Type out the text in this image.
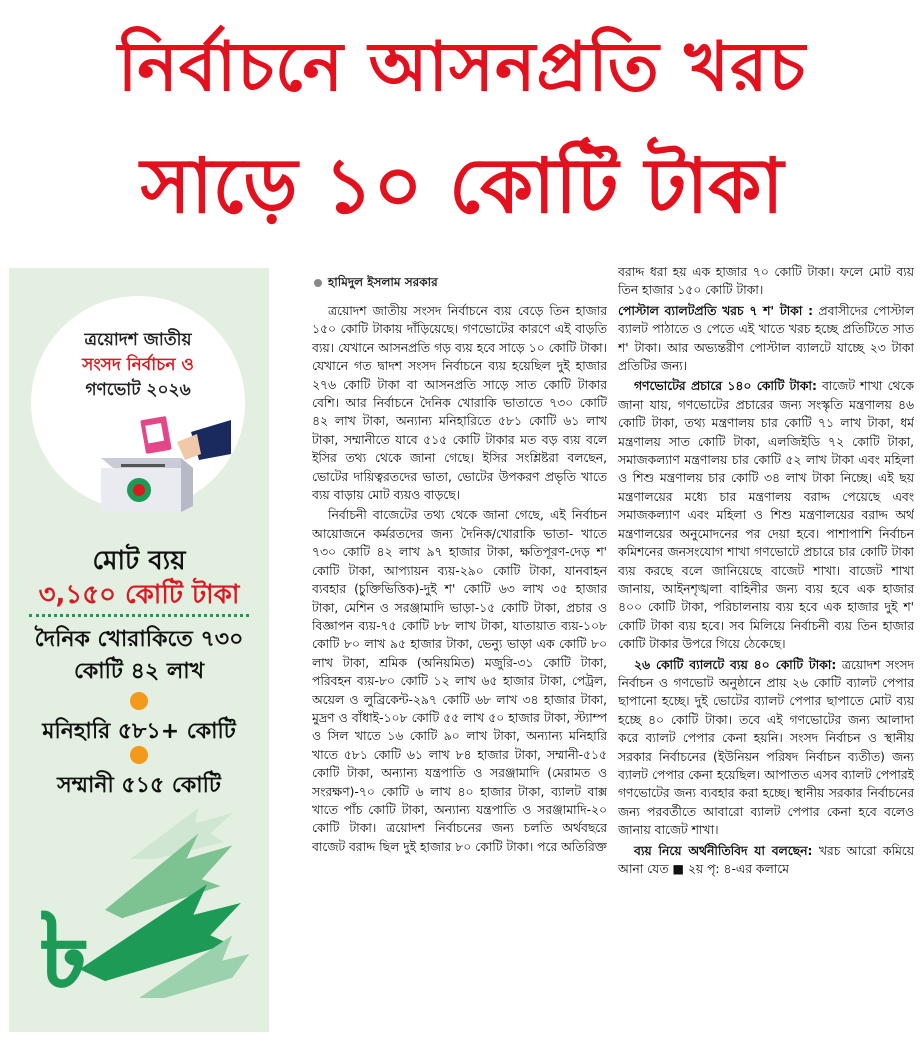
নির্বাচনে আসনপ্রতি খরচ
সাড়ে ১০ কোটি টাকা
ত্রয়োদশ জাতীয়
সংসদ নির্বাচন ও
গণভোট ২০২৬
মোট ব্যয়
৩,১৫০ কোটি টাকা
দৈনিক খোরাকিতে ৭৩০ কোটি ৪২ লাখ
মনিহারি ৫৮১+ কোটি
সম্মানী ৫১৫ কোটি
৳
হামিদুল ইসলাম সরকার

ত্রয়োদশ জাতীয় সংসদ নির্বাচনে ব্যয় বেড়ে তিন হাজার ১৫০ কোটি টাকায় দাঁড়িয়েছে। গণভোটের কারণে এই বাড়তি ব্যয়। যেখানে আসনপ্রতি গড় ব্যয় হবে সাড়ে ১০ কোটি টাকা। যেখানে গত দ্বাদশ সংসদ নির্বাচনে ব্যয় হয়েছিল দুই হাজার ২৭৬ কোটি টাকা বা আসনপ্রতি সাড়ে সাত কোটি টাকার বেশি। আর নির্বাচনে দৈনিক খোরাকি ভাতাতে ৭৩০ কোটি ৪২ লাখ টাকা, অন্যান্য মনিহারিতে ৫৮১ কোটি ৬১ লাখ টাকা, সম্মানীতে যাবে ৫১৫ কোটি টাকার মত বড় ব্যয় বলে ইসির তথ্য থেকে জানা গেছে। ইসির সংশ্লিষ্টরা বলছেন, ভোটের দায়িত্বরতদের ভাতা, ভোটের উপকরণ প্রভৃতি খাতে ব্যয় বাড়ায় মোট ব্যয়ও বাড়ছে।

নির্বাচনী বাজেটের তথ্য থেকে জানা গেছে, এই নির্বাচন আয়োজনে কর্মরতদের জন্য দৈনিক/খোরাকি ভাতা- খাতে ৭৩০ কোটি ৪২ লাখ ৯৭ হাজার টাকা, ক্ষতিপূরণ-দেড় শ' কোটি টাকা, আপ্যায়ন ব্যয়-২৯০ কোটি টাকা, যানবাহন ব্যবহার (চুক্তিভিত্তিক)-দুই শ' কোটি ৬৩ লাখ ৩৫ হাজার টাকা, মেশিন ও সরঞ্জামাদি ভাড়া-১৫ কোটি টাকা, প্রচার ও বিজ্ঞাপন ব্যয়-৭৫ কোটি ৮৮ লাখ টাকা, যাতায়াত ব্যয়-১০৮ কোটি ৮০ লাখ ৯৫ হাজার টাকা, ভেন্যু ভাড়া এক কোটি ৮০ লাখ টাকা, শ্রমিক (অনিয়মিত) মজুরি-৩১ কোটি টাকা, পরিবহন ব্যয়-৮০ কোটি ১২ লাখ ৬৫ হাজার টাকা, পেট্রল, অয়েল ও লুব্রিকেন্ট-২৯৭ কোটি ৬৮ লাখ ৩৪ হাজার টাকা, মুদ্রণ ও বাঁধাই-১০৮ কোটি ৫৫ লাখ ৫০ হাজার টাকা, স্ট্যাম্প ও সিল খাতে ১৬ কোটি ৯০ লাখ টাকা, অন্যান্য মনিহারি খাতে ৫৮১ কোটি ৬১ লাখ ৮৪ হাজার টাকা, সম্মানী-৫১৫ কোটি টাকা, অন্যান্য যন্ত্রপাতি ও সরঞ্জামাদি (মেরামত ও সংরক্ষণ)-৭০ কোটি ৬ লাখ ৪০ হাজার টাকা, ব্যালট বাক্স খাতে পাঁচ কোটি টাকা, অন্যান্য যন্ত্রপাতি ও সরঞ্জামাদি-২০ কোটি টাকা। ত্রয়োদশ নির্বাচনের জন্য চলতি অর্থবছরে বাজেট বরাদ্দ ছিল দুই হাজার ৮০ কোটি টাকা। পরে অতিরিক্ত

বরাদ্দ ধরা হয় এক হাজার ৭০ কোটি টাকা। ফলে মোট ব্যয় তিন হাজার ১৫০ কোটি টাকা।

পোস্টাল ব্যালটপ্রতি খরচ ৭ শ' টাকা : প্রবাসীদের পোস্টাল ব্যালট পাঠাতে ও পেতে এই খাতে খরচ হচ্ছে প্রতিটিতে সাত শ' টাকা। আর অভ্যন্তরীণ পোস্টাল ব্যালটে যাচ্ছে ২৩ টাকা প্রতিটির জন্য।

গণভোটের প্রচারে ১৪০ কোটি টাকা: বাজেট শাখা থেকে জানা যায়, গণভোটের প্রচারের জন্য সংস্কৃতি মন্ত্রণালয় ৪৬ কোটি টাকা, তথ্য মন্ত্রণালয় চার কোটি ৭১ লাখ টাকা, ধর্ম মন্ত্রণালয় সাত কোটি টাকা, এলজিইডি ৭২ কোটি টাকা, সমাজকল্যাণ মন্ত্রণালয় চার কোটি ৫২ লাখ টাকা এবং মহিলা ও শিশু মন্ত্রণালয় চার কোটি ৩৪ লাখ টাকা নিচ্ছে। এই ছয় মন্ত্রণালয়ের মধ্যে চার মন্ত্রণালয় বরাদ্দ পেয়েছে এবং সমাজকল্যাণ এবং মহিলা ও শিশু মন্ত্রণালয়ের বরাদ্দ অর্থ মন্ত্রণালয়ের অনুমোদনের পর দেয়া হবে। পাশাপাশি নির্বাচন কমিশনের জনসংযোগ শাখা গণভোটে প্রচারে চার কোটি টাকা ব্যয় করছে বলে জানিয়েছে বাজেট শাখা। বাজেট শাখা জানায়, আইনশৃঙ্খলা বাহিনীর জন্য ব্যয় হবে এক হাজার ৪০০ কোটি টাকা, পরিচালনায় ব্যয় হবে এক হাজার দুই শ' কোটি টাকা ব্যয় হবে। সব মিলিয়ে নির্বাচনী ব্যয় তিন হাজার কোটি টাকার উপরে গিয়ে ঠেকেছে।

২৬ কোটি ব্যালটে ব্যয় ৪০ কোটি টাকা: ত্রয়োদশ সংসদ নির্বাচন ও গণভোট অনুষ্ঠানে প্রায় ২৬ কোটি ব্যালট পেপার ছাপানো হচ্ছে। দুই ভোটের ব্যালট পেপার ছাপাতে মোট ব্যয় হচ্ছে ৪০ কোটি টাকা। তবে এই গণভোটের জন্য আলাদা করে ব্যালট পেপার কেনা হয়নি। সংসদ নির্বাচন ও স্থানীয় সরকার নির্বাচনের (ইউনিয়ন পরিষদ নির্বাচন ব্যতীত) জন্য ব্যালট পেপার কেনা হয়েছিল। আপাতত এসব ব্যালট পেপারই গণভোটের জন্য ব্যবহার করা হচ্ছে। স্থানীয় সরকার নির্বাচনের জন্য পরবর্তীতে আবারো ব্যালট পেপার কেনা হবে বলেও জানায় বাজেট শাখা।

ব্যয় নিয়ে অর্থনীতিবিদ যা বলছেন: খরচ আরো কমিয়ে আনা যেত ■ ২য় পৃ: ৪-এর কলামে
